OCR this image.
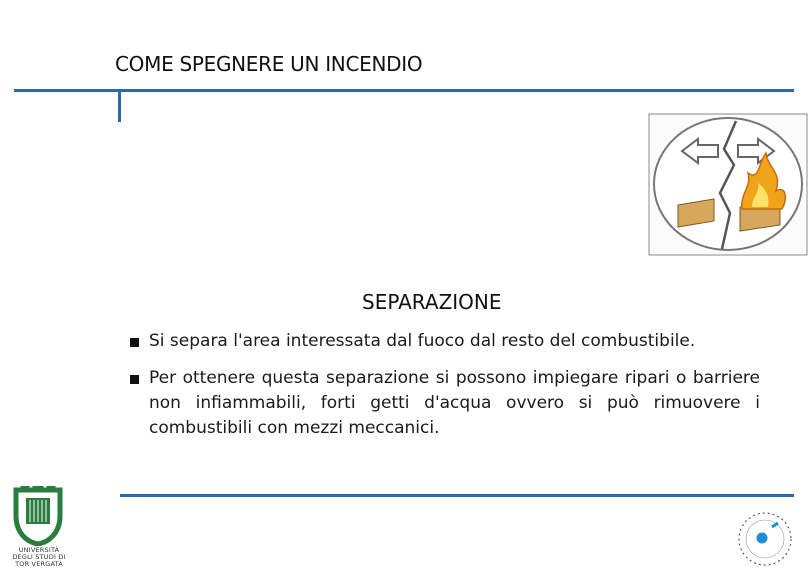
COME SPEGNERE UN INCENDIO
SEPARAZIONE
Si separa l'area interessata dal fuoco dal resto del combustibile.
Per ottenere questa separazione si possono impiegare ripari o barriere non infiammabili, forti getti d'acqua ovvero si può rimuovere i combustibili con mezzi meccanici.
UNIVERSITÀ DEGLI STUDI DI TOR VERGATA
